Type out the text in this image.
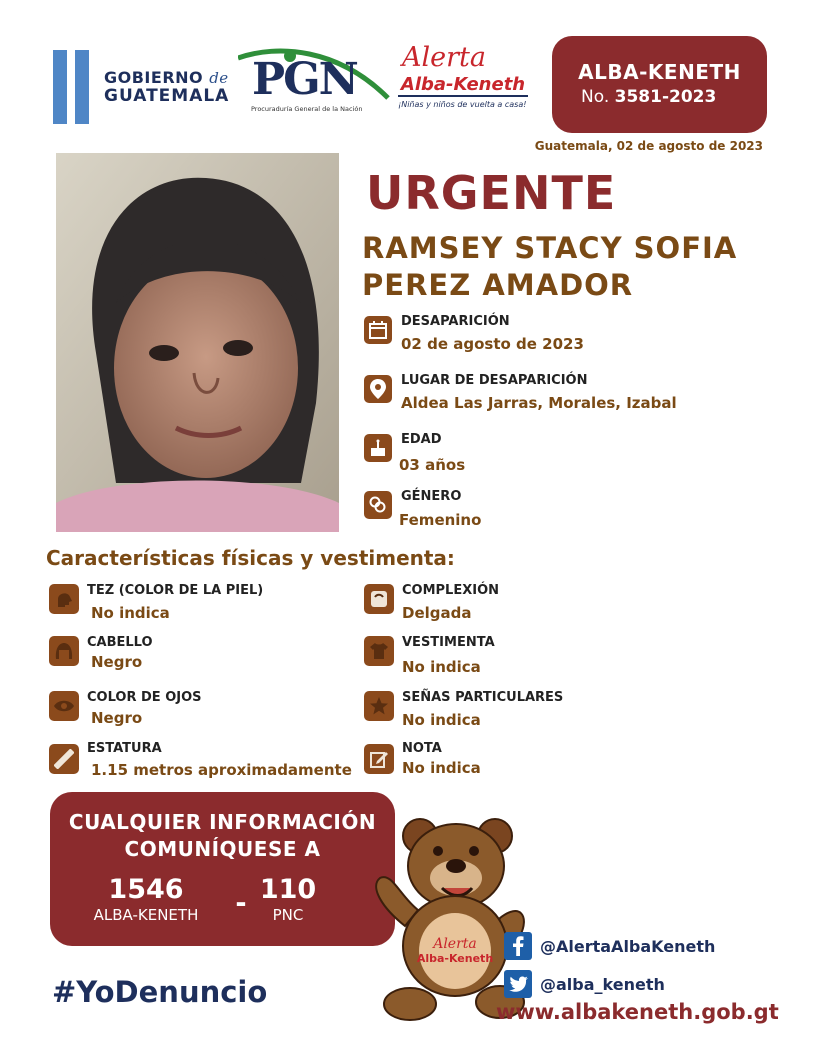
GOBIERNO de
GUATEMALA PGN
Procuraduría General de la Nación
Alerta
Alba-Keneth
¡Niñas y niños de vuelta a casa!
ALBA-KENETH
No. 3581-2023
Guatemala, 02 de agosto de 2023
URGENTE
RAMSEY STACY SOFIA
PEREZ AMADOR
DESAPARICIÓN
02 de agosto de 2023
LUGAR DE DESAPARICIÓN
Aldea Las Jarras, Morales, Izabal
EDAD
03 años
GÉNERO
Femenino
Características físicas y vestimenta:
TEZ (COLOR DE LA PIEL)
No indica
CABELLO
Negro
COLOR DE OJOS
Negro
ESTATURA
1.15 metros aproximadamente
COMPLEXIÓN
Delgada
VESTIMENTA
No indica
SEÑAS PARTICULARES
No indica
NOTA
No indica
CUALQUIER INFORMACIÓN
COMUNÍQUESE A
1546
ALBA-KENETH	- 110
PNC
Alerta
Alba-Keneth
#YoDenuncio
@AlertaAlbaKeneth
@alba_keneth
www.albakeneth.gob.gt
